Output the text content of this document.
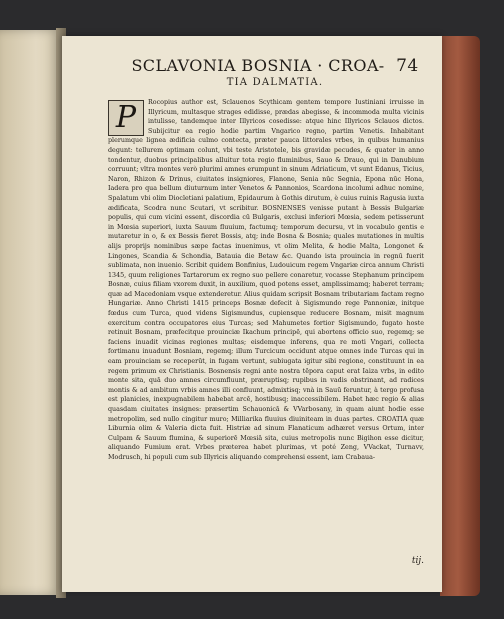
SCLAVONIA BOSNIA · CROA- 74
TIA DALMATIA.
P	Rocopius author est, Sclauenos Scythicam gentem tempore Iustiniani irruisse in Illyricum, multasque strages edidisse, prædas abegisse, & incommoda multa vicinis intulisse, tandemque inter Illyricos cosedisse: atque hinc Illyricos Sclauos dictos. Subijcitur ea regio hodie partim Vngarico regno, partim Venetis. Inhabitant plerumque lignea ædificia culmo contecta, præter pauca littorales vrbes, in quibus humanius degunt: tellurem optimam colunt, vbi teste Aristotele, bis gravidæ pecudes, & quater in anno tondentur, duobus principalibus alluitur tota regio fluminibus, Sauo & Drauo, qui in Danubium corruunt; vltra montes verò plurimi amnes erumpunt in sinum Adriaticum, vt sunt Edanus, Ticius, Naron, Rhizon & Drinus, ciuitates insigniores, Flanone, Senia nūc Segnia, Epona nūc Hona, Iadera pro qua bellum diuturnum inter Venetos & Pannonios, Scardona incolumi adhuc nomine, Spalatum vbi olim Diocletiani palatium, Epidaurum à Gothis dirutum, è cuius ruinis Ragusia iuxta ædificata, Scodra nunc Scutari, vt scribitur. BOSNENSES venisse putant à Bessis Bulgariæ populis, qui cum vicini essent, discordia cū Bulgaris, exclusi inferiori Mœsia, sedem petisserunt in Mœsia superiori, iuxta Sauum fluuium, factumq; temporum decursu, vt in vocabulo gentis e mutaretur in o, & ex Bessis fieret Bossis, atq; inde Bosna & Bosnia; quales mutationes in multis alijs proprijs nominibus sæpe factas inuenimus, vt olim Melita, & hodie Malta, Longonet & Lingones, Scandia & Schondia, Batauia die Betaw &c. Quando ista prouincia in regnū fuerit sublimata, non inuenio. Scribit quidem Bonfinius, Ludouicum regem Vngariæ circa annum Christi 1345, quum religiones Tartarorum ex regno suo pellere conaretur, vocasse Stephanum principem Bosnæ, cuius filiam vxorem duxit, in auxilium, quod potens esset, amplissimamq; haberet terram; quæ ad Macedoniam vsque extenderetur. Alius quidam scripsit Bosnam tributariam factam regno Hungariæ. Anno Christi 1415 princeps Bosnæ defecit à Sigismundo rege Pannoniæ, initque fœdus cum Turca, quod videns Sigismundus, cupiensque reducere Bosnam, misit magnum exercitum contra occupatores eius Turcas; sed Mahumetes fortior Sigismundo, fugato hoste retinuit Bosnam, præfecitque prouinciæ Ikachum principē, qui abortens officio suo, regemq; se faciens inuadit vicinas regiones multas; eisdemque inferens, qua re moti Vngari, collecta fortimanu inuadunt Bosniam, regemq; illum Turcicum occidunt atque omnes inde Turcas qui in eam prouinciam se receperūt, in fugam vertunt, subiugata igitur sibi regione, constituunt in ea regem primum ex Christianis. Bosnensis regni ante nostra tēpora caput erat Iaiza vrbs, in edito monte sita, quā duo amnes circumfluunt, præruptisq; rupibus in vadis obstrinant, ad radices montis & ad ambitum vrbis amnes illi confluunt, admixtisq; vnà in Sauū feruntur, à tergo profusa est planicies, inexpugnabilem habebat arcē, hostibusq; inaccessibilem. Habet hæc regio & alias quasdam ciuitates insignes: præsertim Schauonicā & VVarbosany, in quam aiunt hodie esse metropolim, sed nullo cingitur muro; Milliarika fluuius diuiniteam in duas partes. CROATIA quæ Liburnia olim & Valeria dicta fuit. Histriæ ad sinum Flanaticum adhæret versus Ortum, inter Culpam & Sauum flumina, & superiorē Mœsiā sita, cuius metropolis nunc Bigihon esse dicitur, aliquando Fumium erat. Vrbes præterea habet plurimas, vt poté Zeng, VVackat, Turnavv, Modrusch, hi populi cum sub Illyricis aliquando comprehensi essent, iam Crabaua-
tij.
